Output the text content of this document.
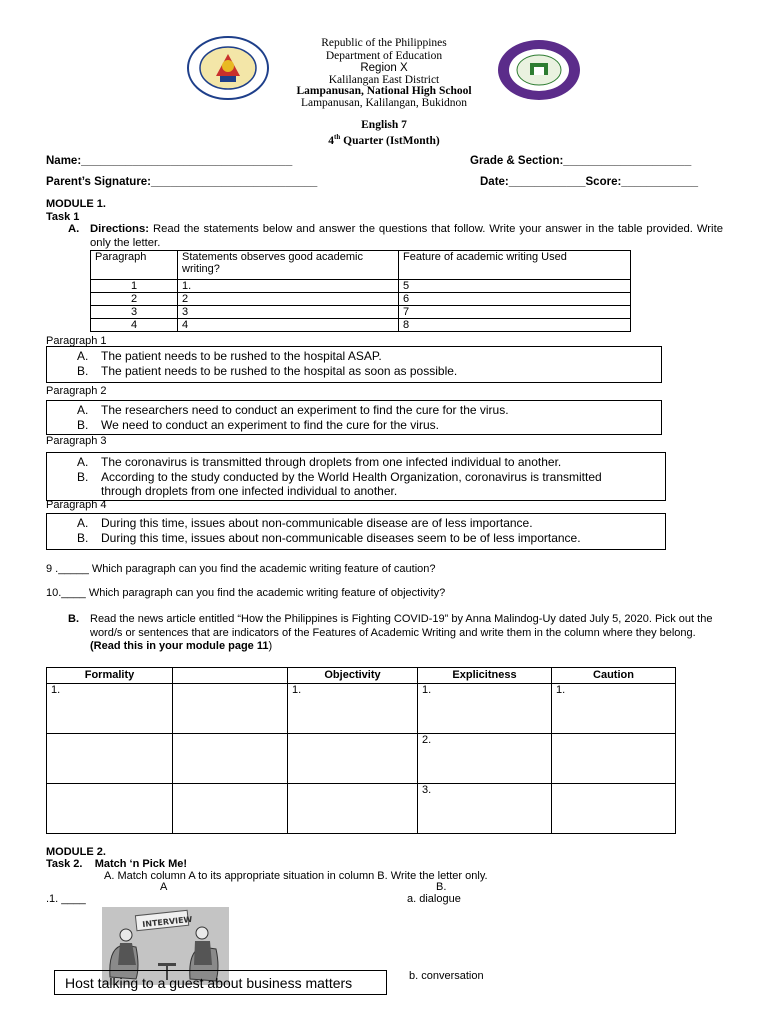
Republic of the Philippines
Department of Education
Region X
Kalilangan East District
Lampanusan, National High School
Lampanusan, Kalilangan, Bukidnon
English 7
4th Quarter (IstMonth)
Name:_________________________________	Grade & Section:____________________
Parent’s Signature:__________________________	Date:____________Score:____________
MODULE 1.
Task 1
A. Directions: Read the statements below and answer the questions that follow. Write your answer in the table provided. Write only the letter.
Paragraph	Statements observes good academic writing?	Feature of academic writing Used
1	1.	5
2	2	6
3	3	7
4	4	8
Paragraph 1
A. The patient needs to be rushed to the hospital ASAP.
B. The patient needs to be rushed to the hospital as soon as possible.
Paragraph 2
A. The researchers need to conduct an experiment to find the cure for the virus.
B. We need to conduct an experiment to find the cure for the virus.
Paragraph 3
A. The coronavirus is transmitted through droplets from one infected individual to another.
B. According to the study conducted by the World Health Organization, coronavirus is transmitted through droplets from one infected individual to another.
Paragraph 4
A. During this time, issues about non-communicable disease are of less importance.
B. During this time, issues about non-communicable diseases seem to be of less importance.
9 ._____ Which paragraph can you find the academic writing feature of caution?
10.____ Which paragraph can you find the academic writing feature of objectivity?
B. Read the news article entitled “How the Philippines is Fighting COVID-19” by Anna Malindog-Uy dated July 5, 2020. Pick out the word/s or sentences that are indicators of the Features of Academic Writing and write them in the column where they belong.(Read this in your module page 11)
Formality		Objectivity	Explicitness	Caution
1.		1.	1.	1.
			2.	
			3.	
MODULE 2.
Task 2.    Match ‘n Pick Me!
A. Match column A to its appropriate situation in column B. Write the letter only.
A	B.
.1. ____	a. dialogue
INTERVIEW
b. conversation
Host talking to a guest about business matters
